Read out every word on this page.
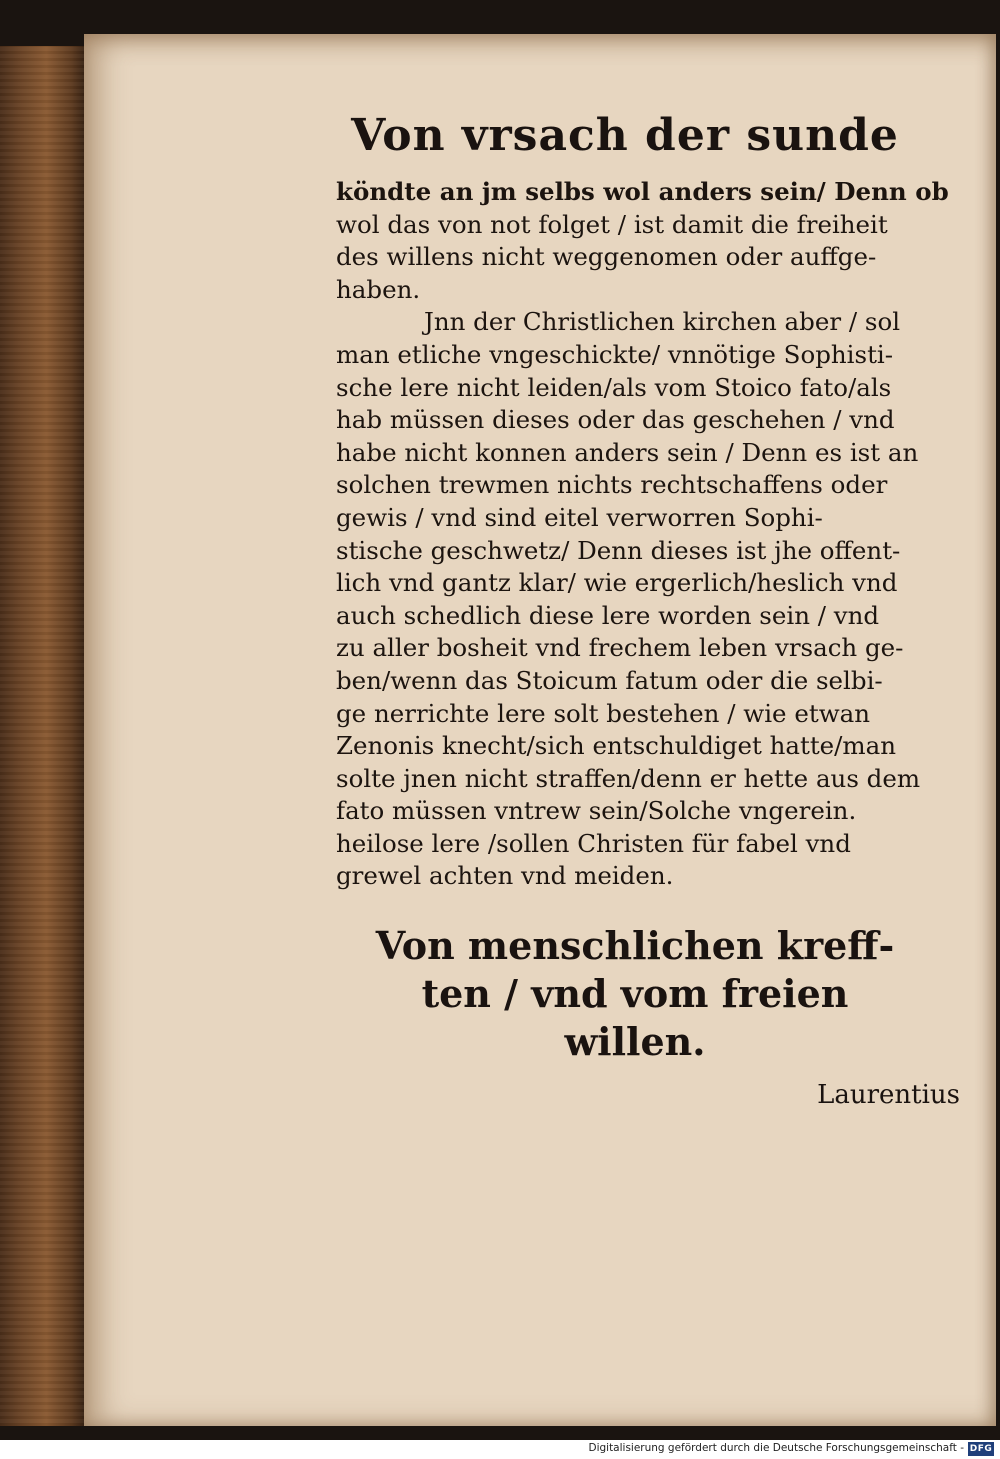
Von vrsach der sunde

köndte an jm selbs wol anders sein/ Denn ob
wol das von not folget / ist damit die freiheit
des willens nicht weggenomen oder auffge-
haben.
Jnn der Christlichen kirchen aber / sol
man etliche vngeschickte/ vnnötige Sophisti-
sche lere nicht leiden/als vom Stoico fato/als
hab müssen dieses oder das geschehen / vnd
habe nicht konnen anders sein / Denn es ist an
solchen trewmen nichts rechtschaffens oder
gewis / vnd sind eitel verworren Sophi-
stische geschwetz/ Denn dieses ist jhe offent-
lich vnd gantz klar/ wie ergerlich/heslich vnd
auch schedlich diese lere worden sein / vnd
zu aller bosheit vnd frechem leben vrsach ge-
ben/wenn das Stoicum fatum oder die selbi-
ge nerrichte lere solt bestehen / wie etwan
Zenonis knecht/sich entschuldiget hatte/man
solte jnen nicht straffen/denn er hette aus dem
fato müssen vntrew sein/Solche vngerein.
heilose lere /sollen Christen für fabel vnd
grewel achten vnd meiden.

Von menschlichen kreff-
ten / vnd vom freien
willen.
Laurentius
Digitalisierung gefördert durch die Deutsche Forschungsgemeinschaft - DFG
